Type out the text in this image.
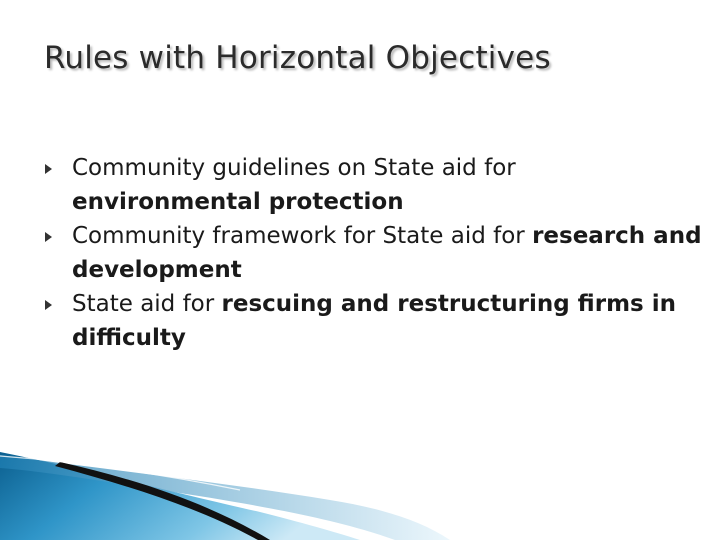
Rules with Horizontal Objectives
Community guidelines on State aid for environmental protection
Community framework for State aid for research and development
State aid for rescuing and restructuring firms in difficulty
